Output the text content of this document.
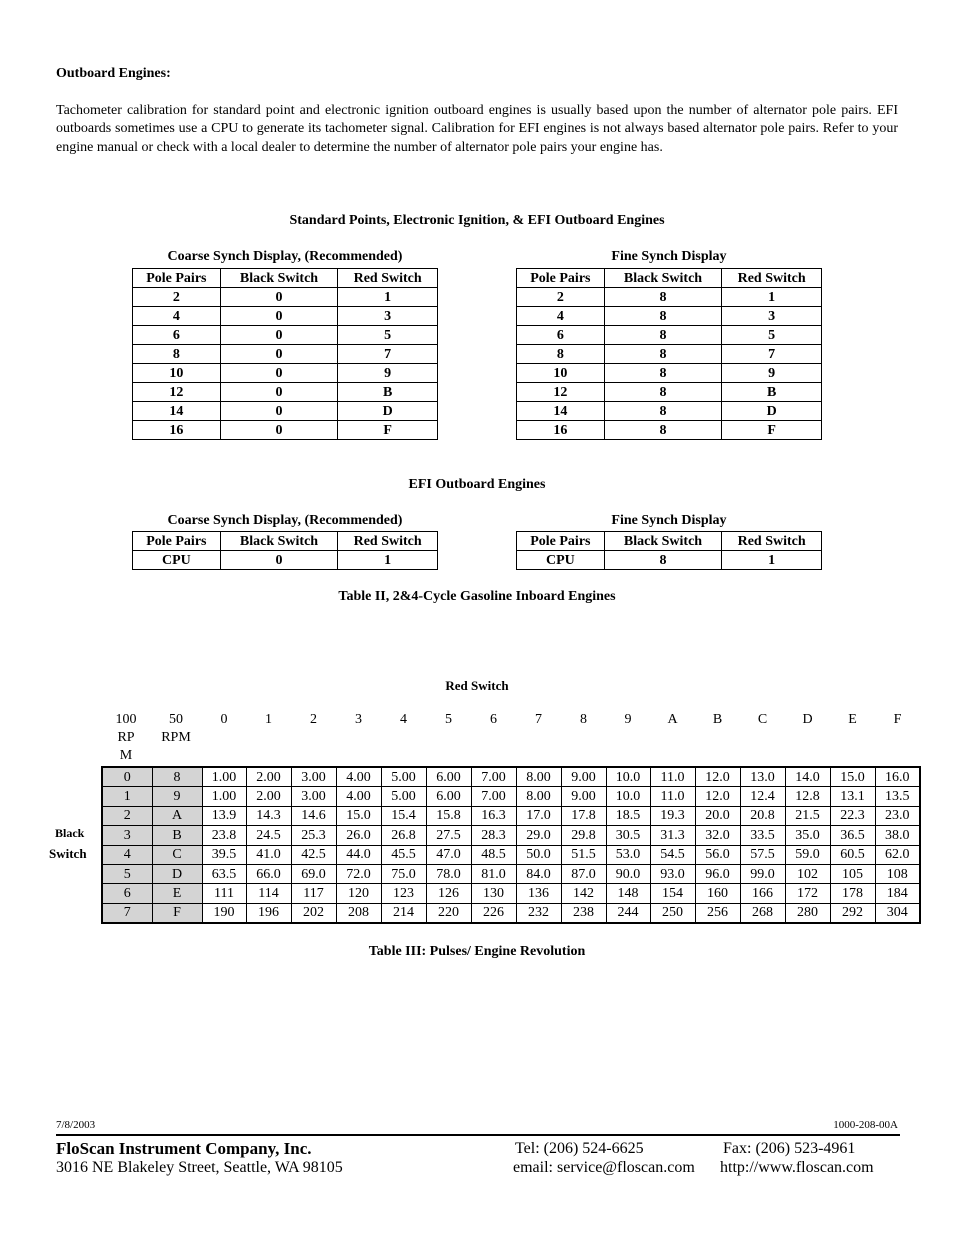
Outboard Engines:
Tachometer calibration for standard point and electronic ignition outboard engines is usually based upon the number of alternator pole pairs. EFI outboards sometimes use a CPU to generate its tachometer signal. Calibration for EFI engines is not always based alternator pole pairs. Refer to your engine manual or check with a local dealer to determine the number of alternator pole pairs your engine has.
Standard Points, Electronic Ignition, & EFI Outboard Engines
Coarse Synch Display, (Recommended)
Pole Pairs	Black Switch	Red Switch
2	0	1
4	0	3
6	0	5
8	0	7
10	0	9
12	0	B
14	0	D
16	0	F
Fine Synch Display
Pole Pairs	Black Switch	Red Switch
2	8	1
4	8	3
6	8	5
8	8	7
10	8	9
12	8	B
14	8	D
16	8	F
EFI Outboard Engines
Coarse Synch Display, (Recommended)
Pole Pairs	Black Switch	Red Switch
CPU	0	1
Fine Synch Display
Pole Pairs	Black Switch	Red Switch
CPU	8	1
Table II, 2&4-Cycle Gasoline Inboard Engines
Red Switch
100
RP
M
50
RPM
0	1	2	3	4	5	6	7	8	9	A	B	C	D	E	F
Black
Switch
0	8	1.00	2.00	3.00	4.00	5.00	6.00	7.00	8.00	9.00	10.0	11.0	12.0	13.0	14.0	15.0	16.0
1	9	1.00	2.00	3.00	4.00	5.00	6.00	7.00	8.00	9.00	10.0	11.0	12.0	12.4	12.8	13.1	13.5
2	A	13.9	14.3	14.6	15.0	15.4	15.8	16.3	17.0	17.8	18.5	19.3	20.0	20.8	21.5	22.3	23.0
3	B	23.8	24.5	25.3	26.0	26.8	27.5	28.3	29.0	29.8	30.5	31.3	32.0	33.5	35.0	36.5	38.0
4	C	39.5	41.0	42.5	44.0	45.5	47.0	48.5	50.0	51.5	53.0	54.5	56.0	57.5	59.0	60.5	62.0
5	D	63.5	66.0	69.0	72.0	75.0	78.0	81.0	84.0	87.0	90.0	93.0	96.0	99.0	102	105	108
6	E	111	114	117	120	123	126	130	136	142	148	154	160	166	172	178	184
7	F	190	196	202	208	214	220	226	232	238	244	250	256	268	280	292	304
Table III: Pulses/ Engine Revolution
7/8/2003	1000-208-00A
FloScan Instrument Company, Inc.
3016 NE Blakeley Street, Seattle, WA 98105
Tel: (206) 524-6625	Fax: (206) 523-4961
email: service@floscan.com http://www.floscan.com
